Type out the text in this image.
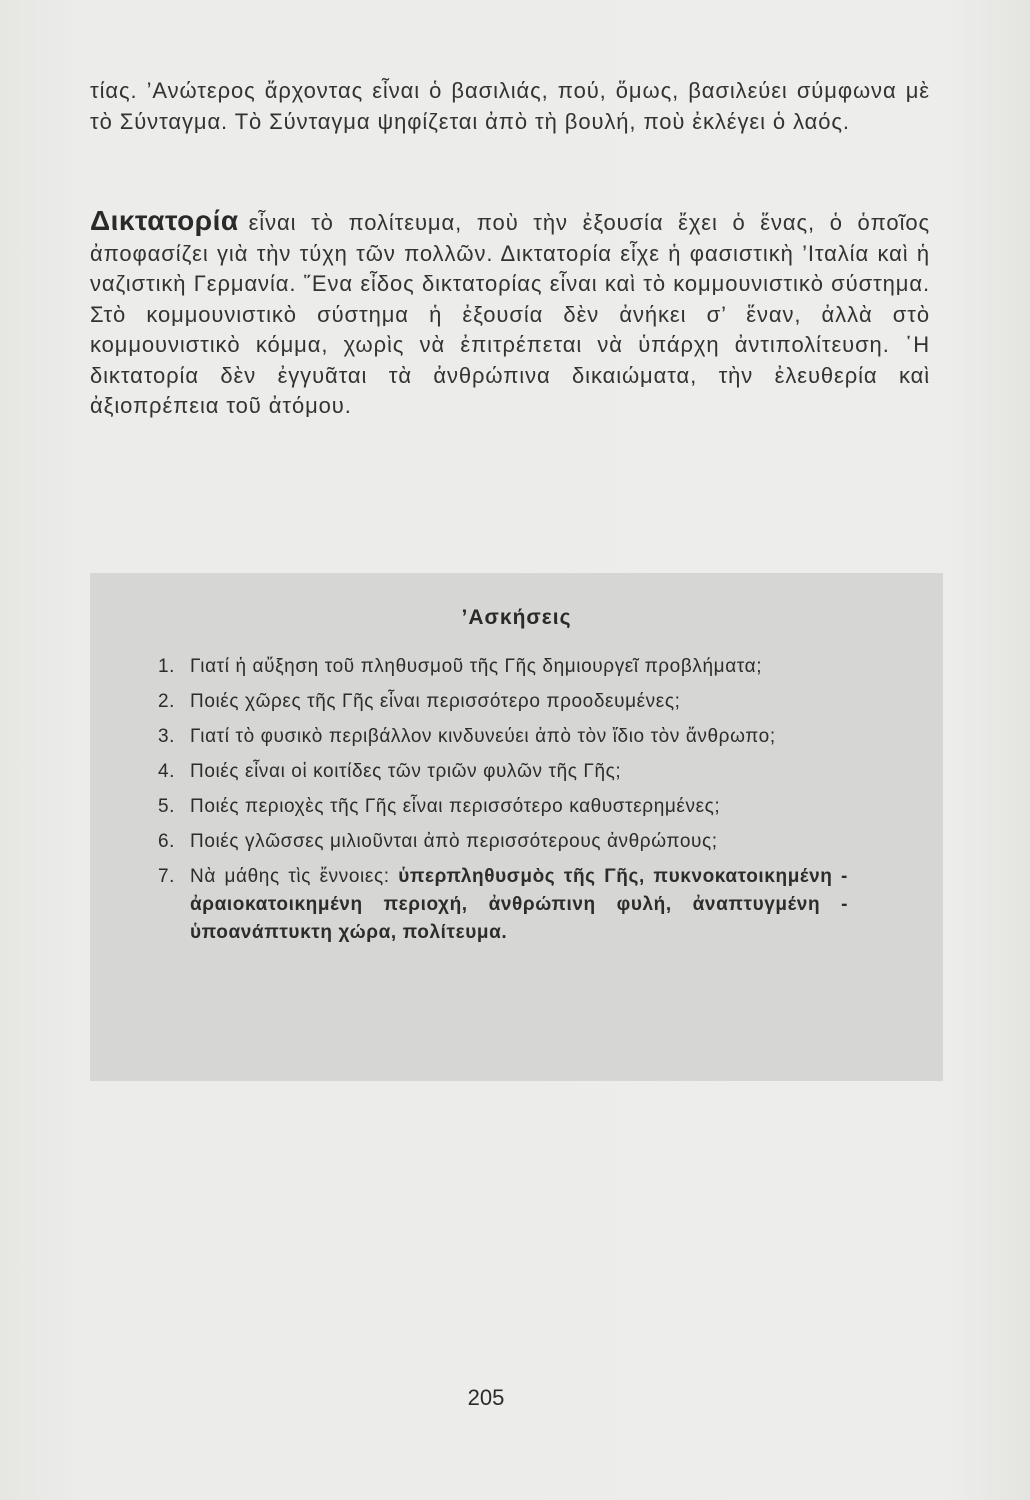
τίας. ’Ανώτερος ἄρχοντας εἶναι ὁ βασιλιάς, πού, ὅμως, βασιλεύει σύμφωνα μὲ τὸ Σύνταγμα. Τὸ Σύνταγμα ψηφίζεται ἀπὸ τὴ βουλή, ποὺ ἐκλέγει ὁ λαός.

Δικτατορία εἶναι τὸ πολίτευμα, ποὺ τὴν ἐξουσία ἔχει ὁ ἕνας, ὁ ὁποῖος ἀποφασίζει γιὰ τὴν τύχη τῶν πολλῶν. Δικτατορία εἶχε ἡ φασιστικὴ ’Ιταλία καὶ ἡ ναζιστικὴ Γερμανία. ῞Ενα εἶδος δικτατορίας εἶναι καὶ τὸ κομμουνιστικὸ σύστημα. Στὸ κομμουνιστικὸ σύστημα ἡ ἐξουσία δὲν ἀνήκει σ’ ἕναν, ἀλλὰ στὸ κομμουνιστικὸ κόμμα, χωρὶς νὰ ἐπιτρέπεται νὰ ὑπάρχη ἀντιπολίτευση. ῾Η δικτατορία δὲν ἐγγυᾶται τὰ ἀνθρώπινα δικαιώματα, τὴν ἐλευθερία καὶ ἀξιοπρέπεια τοῦ ἀτόμου.

’Ασκήσεις
1. Γιατί ἡ αὔξηση τοῦ πληθυσμοῦ τῆς Γῆς δημιουργεῖ προβλήματα;
2. Ποιές χῶρες τῆς Γῆς εἶναι περισσότερο προοδευμένες;
3. Γιατί τὸ φυσικὸ περιβάλλον κινδυνεύει ἀπὸ τὸν ἴδιο τὸν ἄνθρωπο;
4. Ποιές εἶναι οἱ κοιτίδες τῶν τριῶν φυλῶν τῆς Γῆς;
5. Ποιές περιοχὲς τῆς Γῆς εἶναι περισσότερο καθυστερημένες;
6. Ποιές γλῶσσες μιλιοῦνται ἀπὸ περισσότερους ἀνθρώπους;
7. Νὰ μάθης τὶς ἔννοιες: ὑπερπληθυσμὸς τῆς Γῆς, πυκνοκατοικημένη - ἀραιοκατοικημένη περιοχή, ἀνθρώπινη φυλή, ἀναπτυγμένη - ὑποανάπτυκτη χώρα, πολίτευμα.
205
